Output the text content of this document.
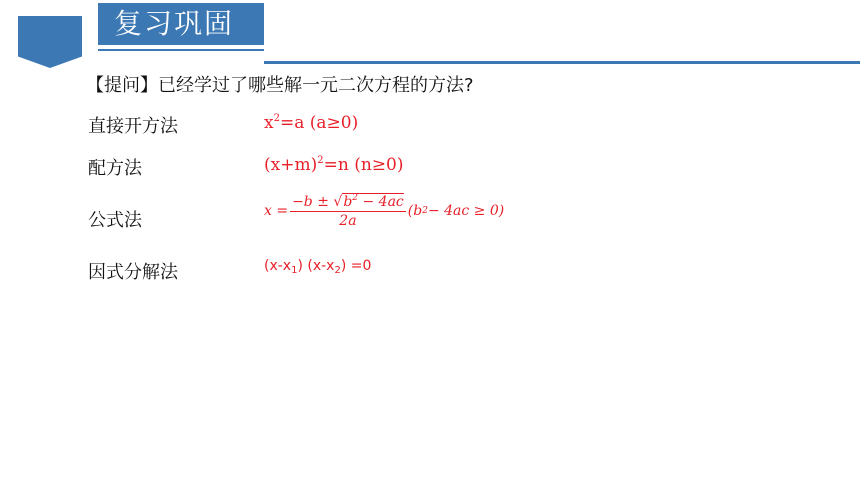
复习巩固
【提问】已经学过了哪些解一元二次方程的方法?
直接开方法	$x^2=a$ (a≥0)
配方法	$(x+m)^2=n$ (n≥0)
公式法	$x = \frac{-b \pm √b^2 - 4ac}{2a} (b$ 2 − 4ac ≥ 0)
因式分解法	$(x-x_1)$ $(x-x_2) =0$
